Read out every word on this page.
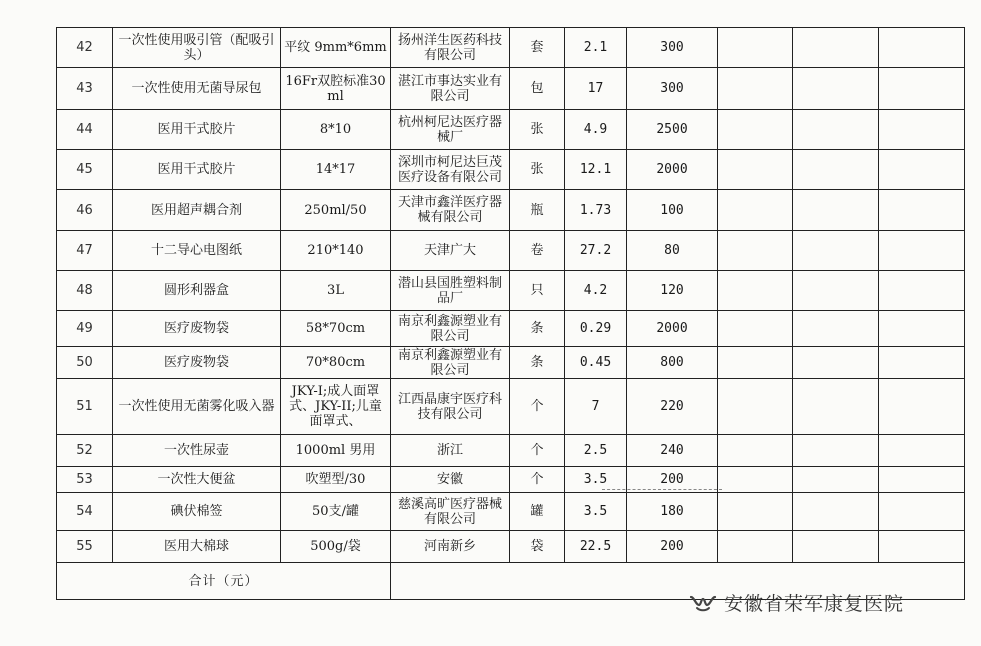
42	一次性使用吸引管（配吸引头）	平纹 9mm*6mm	扬州洋生医药科技有限公司	套	2.1	300			
43	一次性使用无菌导尿包	16Fr双腔标准30ml	湛江市事达实业有限公司	包	17	300			
44	医用干式胶片	8*10	杭州柯尼达医疗器械厂	张	4.9	2500			
45	医用干式胶片	14*17	深圳市柯尼达巨茂医疗设备有限公司	张	12.1	2000			
46	医用超声耦合剂	250ml/50	天津市鑫洋医疗器械有限公司	瓶	1.73	100			
47	十二导心电图纸	210*140	天津广大	卷	27.2	80			
48	圆形利器盒	3L	潜山县国胜塑料制品厂	只	4.2	120			
49	医疗废物袋	58*70cm	南京利鑫源塑业有限公司	条	0.29	2000			
50	医疗废物袋	70*80cm	南京利鑫源塑业有限公司	条	0.45	800			
51	一次性使用无菌雾化吸入器	JKY-I;成人面罩式、JKY-II;儿童面罩式、	江西晶康宇医疗科技有限公司	个	7	220			
52	一次性尿壶	1000ml 男用	浙江	个	2.5	240			
53	一次性大便盆	吹塑型/30	安徽	个	3.5	200			
54	碘伏棉签	50支/罐	慈溪高旷医疗器械有限公司	罐	3.5	180			
55	医用大棉球	500g/袋	河南新乡	袋	22.5	200			
合计（元）									
安徽省荣军康复医院
